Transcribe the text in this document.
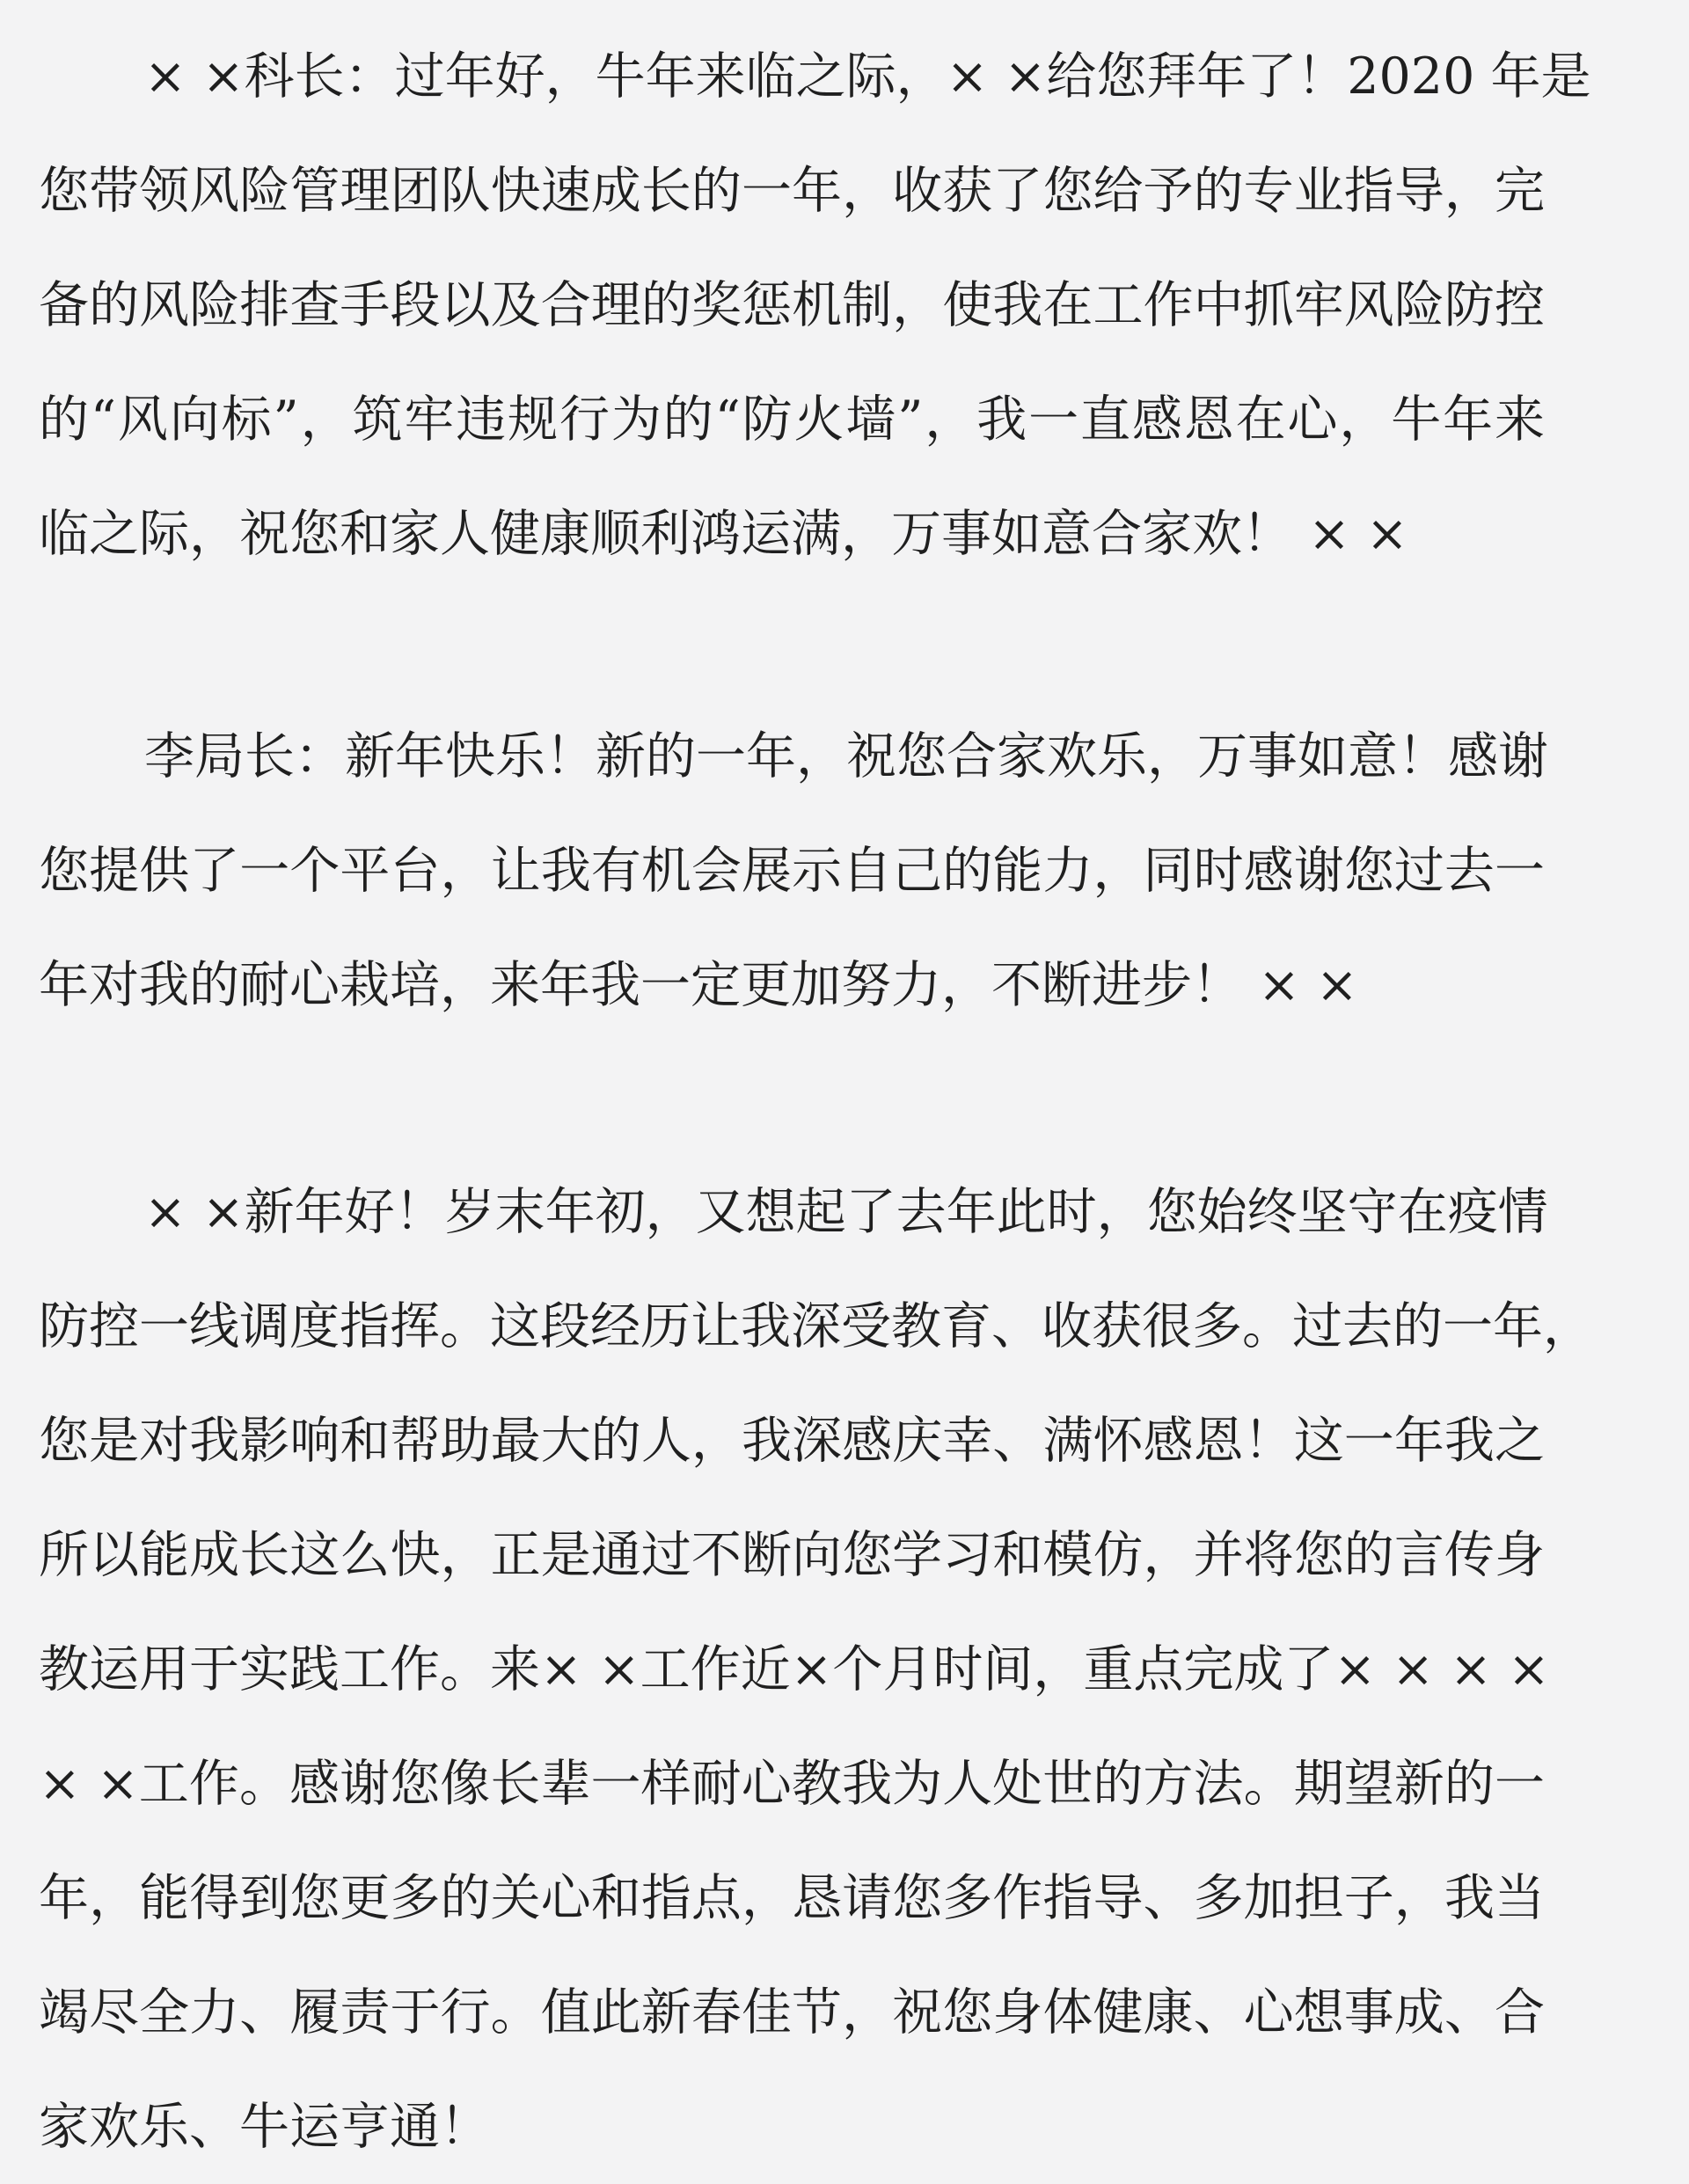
× ×科长：过年好，牛年来临之际，× ×给您拜年了！2020 年是
您带领风险管理团队快速成长的一年，收获了您给予的专业指导，完
备的风险排查手段以及合理的奖惩机制，使我在工作中抓牢风险防控
的“风向标”，筑牢违规行为的“防火墙”，我一直感恩在心，牛年来
临之际，祝您和家人健康顺利鸿运满，万事如意合家欢！ × ×
李局长：新年快乐！新的一年，祝您合家欢乐，万事如意！感谢
您提供了一个平台，让我有机会展示自己的能力，同时感谢您过去一
年对我的耐心栽培，来年我一定更加努力，不断进步！ × ×
× ×新年好！岁末年初，又想起了去年此时，您始终坚守在疫情
防控一线调度指挥。这段经历让我深受教育、收获很多。过去的一年，
您是对我影响和帮助最大的人，我深感庆幸、满怀感恩！这一年我之
所以能成长这么快，正是通过不断向您学习和模仿，并将您的言传身
教运用于实践工作。来× ×工作近×个月时间，重点完成了× × × ×
× ×工作。感谢您像长辈一样耐心教我为人处世的方法。期望新的一
年，能得到您更多的关心和指点，恳请您多作指导、多加担子，我当
竭尽全力、履责于行。值此新春佳节，祝您身体健康、心想事成、合
家欢乐、牛运亨通！
